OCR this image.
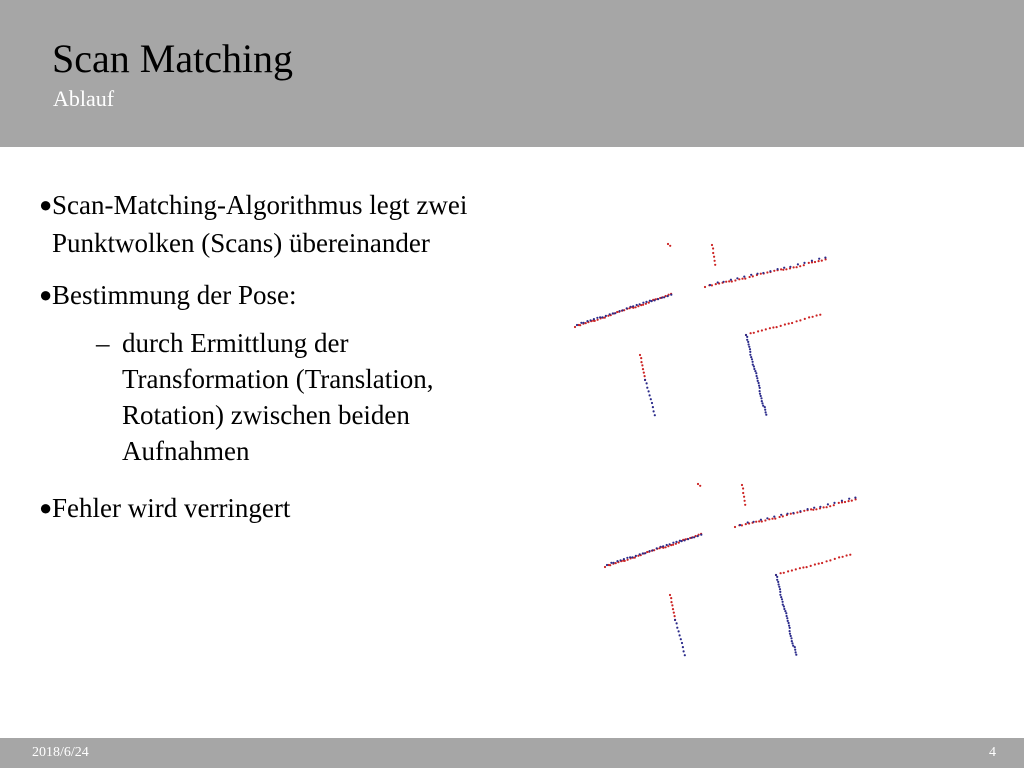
Scan Matching
Ablauf
● Scan-Matching-Algorithmus legt zwei Punktwolken (Scans) übereinander
● Bestimmung der Pose:
– durch Ermittlung der Transformation (Translation, Rotation) zwischen beiden Aufnahmen
● Fehler wird verringert
2018/6/24	4
